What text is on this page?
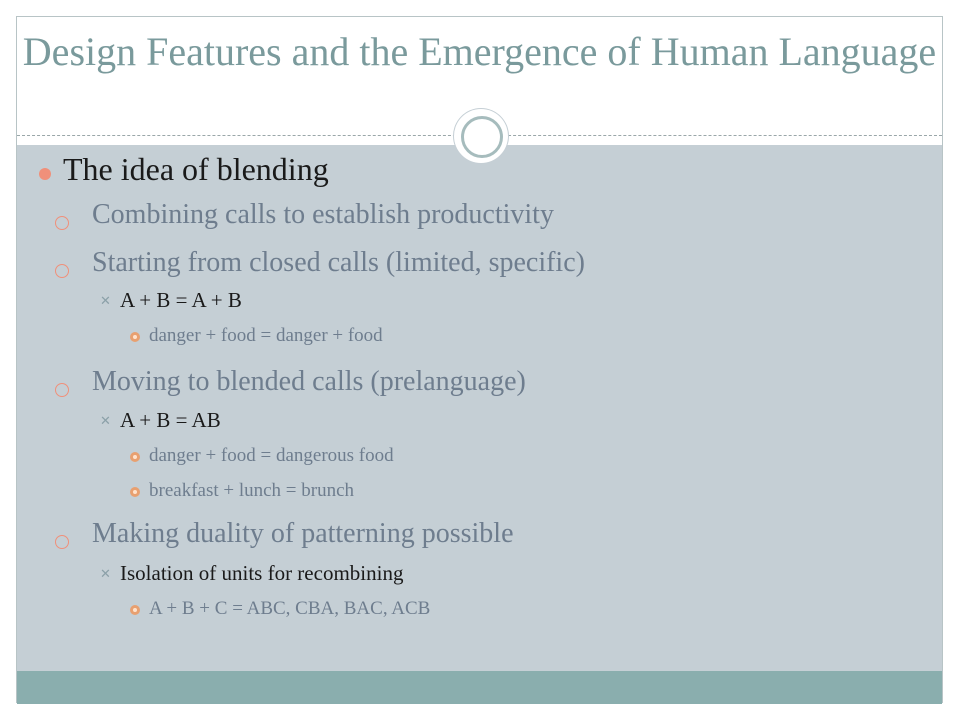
Design Features and the Emergence of Human Language
The idea of blending
Combining calls to establish productivity
Starting from closed calls (limited, specific)
✕ A + B = A + B
danger + food = danger + food
Moving to blended calls (prelanguage)
✕ A + B = AB
danger + food = dangerous food
breakfast + lunch = brunch
Making duality of patterning possible
✕ Isolation of units for recombining
A + B + C = ABC, CBA, BAC, ACB
